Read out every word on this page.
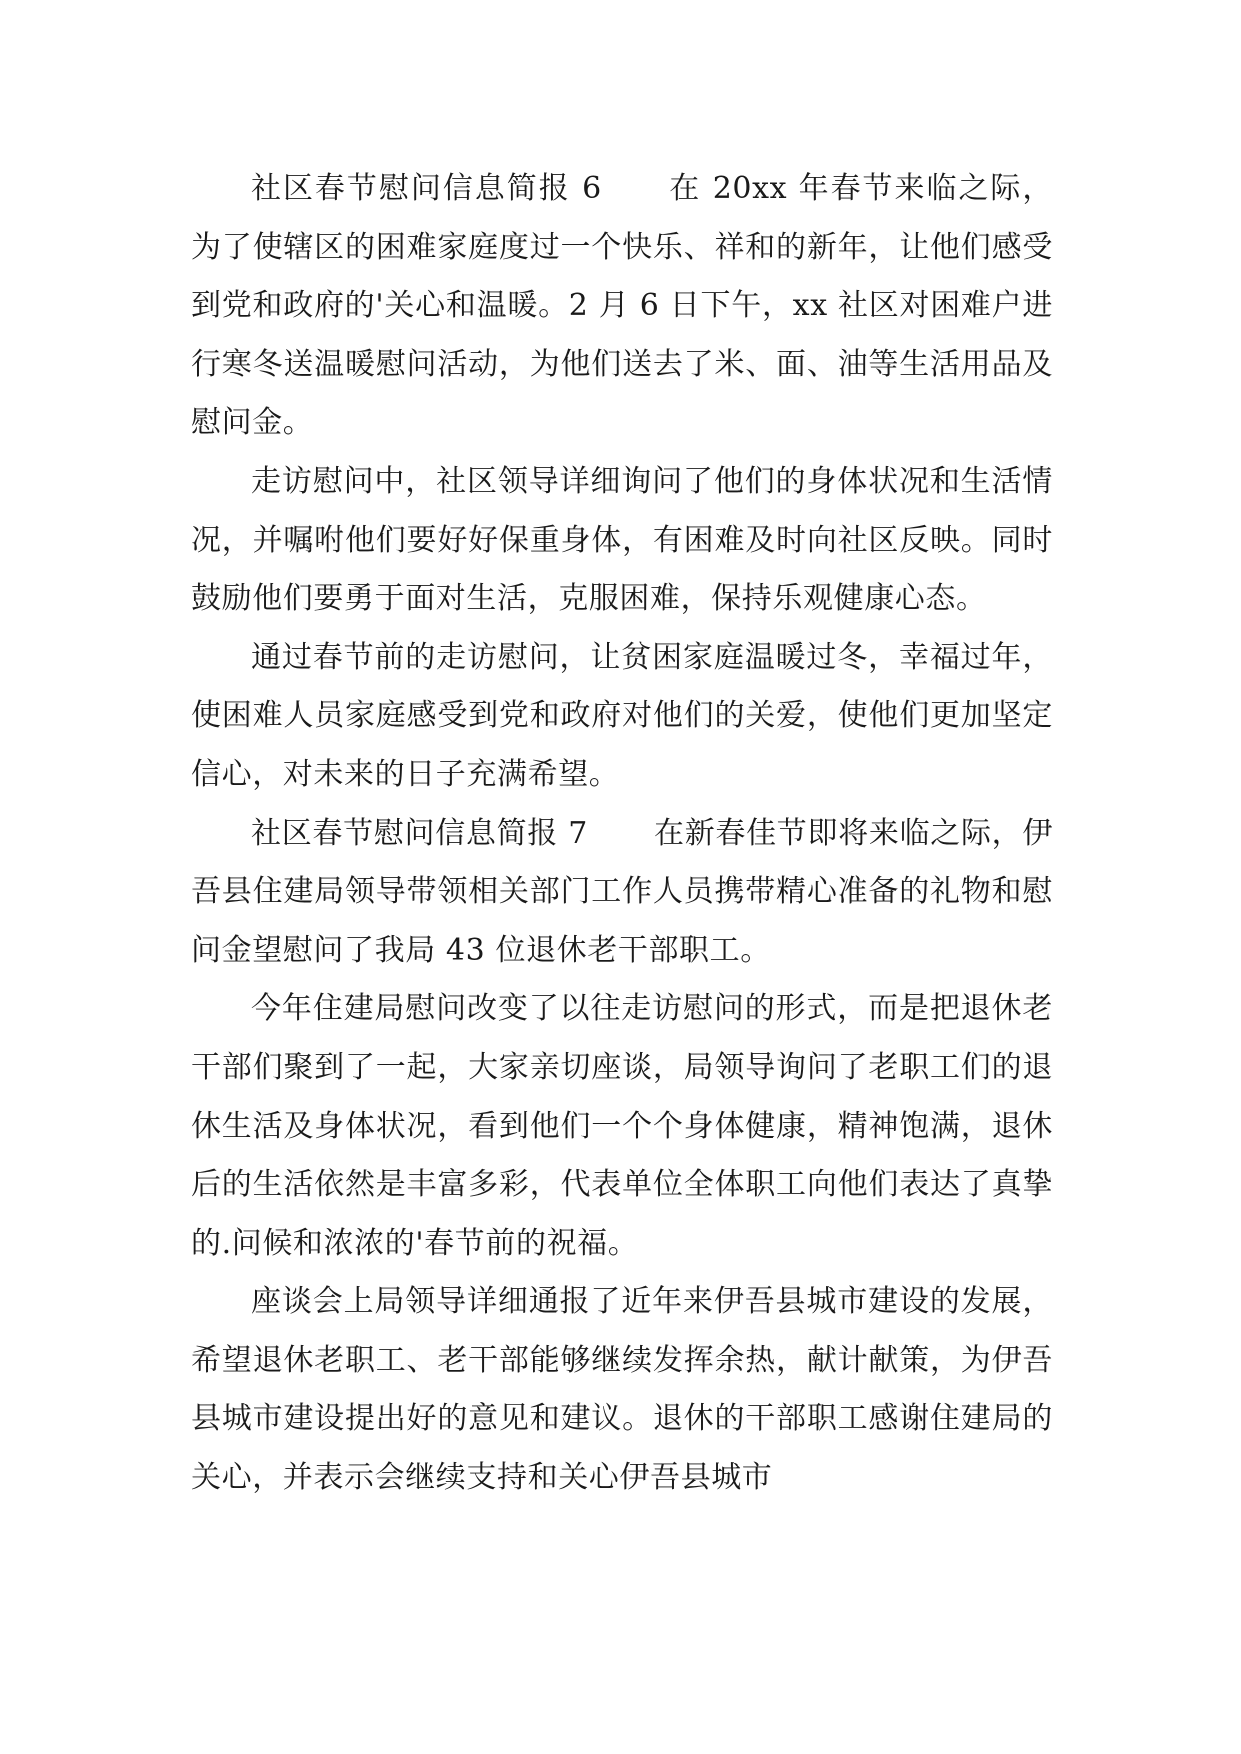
社区春节慰问信息简报 6 在 20xx 年春节来临之际，为了使辖区的困难家庭度过一个快乐、祥和的新年，让他们感受到党和政府的'关心和温暖。2 月 6 日下午，xx 社区对困难户进行寒冬送温暖慰问活动，为他们送去了米、面、油等生活用品及慰问金。

走访慰问中，社区领导详细询问了他们的身体状况和生活情况，并嘱咐他们要好好保重身体，有困难及时向社区反映。同时鼓励他们要勇于面对生活，克服困难，保持乐观健康心态。

通过春节前的走访慰问，让贫困家庭温暖过冬，幸福过年，使困难人员家庭感受到党和政府对他们的关爱，使他们更加坚定信心，对未来的日子充满希望。

社区春节慰问信息简报 7 在新春佳节即将来临之际，伊吾县住建局领导带领相关部门工作人员携带精心准备的礼物和慰问金望慰问了我局 43 位退休老干部职工。

今年住建局慰问改变了以往走访慰问的形式，而是把退休老干部们聚到了一起，大家亲切座谈，局领导询问了老职工们的退休生活及身体状况，看到他们一个个身体健康，精神饱满，退休后的生活依然是丰富多彩，代表单位全体职工向他们表达了真挚的.问候和浓浓的'春节前的祝福。

座谈会上局领导详细通报了近年来伊吾县城市建设的发展，希望退休老职工、老干部能够继续发挥余热，献计献策，为伊吾县城市建设提出好的意见和建议。退休的干部职工感谢住建局的关心，并表示会继续支持和关心伊吾县城市
